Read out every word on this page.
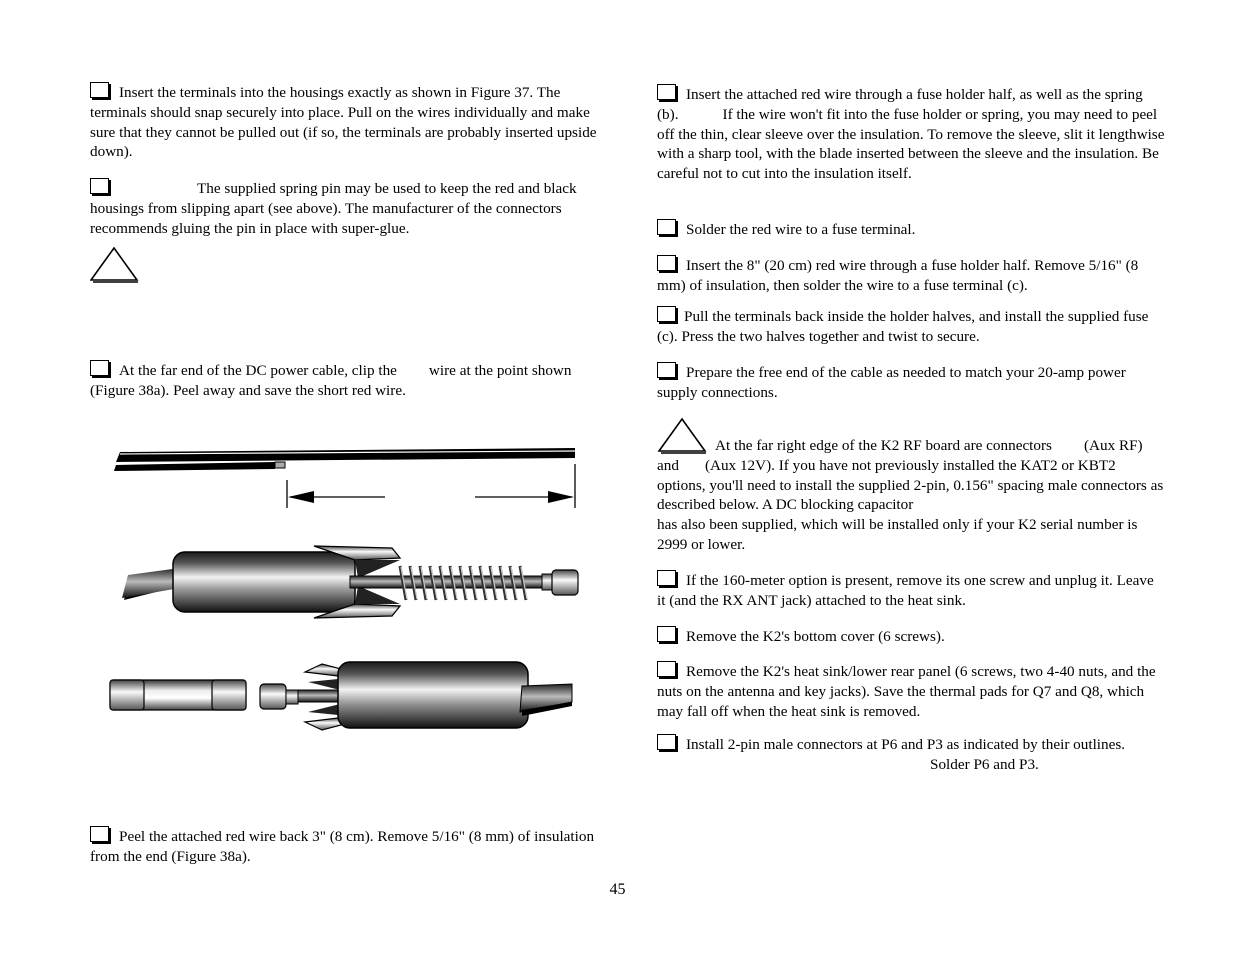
Insert the terminals into the housings exactly as shown in Figure 37. The terminals should snap securely into place. Pull on the wires individually and make sure that they cannot be pulled out (if so, the terminals are probably inserted upside down).

The supplied spring pin may be used to keep the red and black housings from slipping apart (see above). The manufacturer of the connectors recommends gluing the pin in place with super-glue.

At the far end of the DC power cable, clip the wire at the point shown (Figure 38a). Peel away and save the short red wire.

Peel the attached red wire back 3" (8 cm). Remove 5/16" (8 mm) of insulation from the end (Figure 38a).

Insert the attached red wire through a fuse holder half, as well as the spring (b).	If the wire won't fit into the fuse holder or spring, you may need to peel off the thin, clear sleeve over the insulation. To remove the sleeve, slit it lengthwise with a sharp tool, with the blade inserted between the sleeve and the insulation. Be careful not to cut into the insulation itself.

Solder the red wire to a fuse terminal.

Insert the 8" (20 cm) red wire through a fuse holder half. Remove 5/16" (8 mm) of insulation, then solder the wire to a fuse terminal (c).

Pull the terminals back inside the holder halves, and install the supplied fuse (c). Press the two halves together and twist to secure.

Prepare the free end of the cable as needed to match your 20-amp power supply connections.

At the far right edge of the K2 RF board are connectors (Aux RF) and (Aux 12V). If you have not previously installed the KAT2 or KBT2 options, you'll need to install the supplied 2-pin, 0.156" spacing male connectors as described below. A DC blocking capacitor
has also been supplied, which will be installed only if your K2 serial number is 2999 or lower.

If the 160-meter option is present, remove its one screw and unplug it. Leave it (and the RX ANT jack) attached to the heat sink.

Remove the K2's bottom cover (6 screws).

Remove the K2's heat sink/lower rear panel (6 screws, two 4-40 nuts, and the nuts on the antenna and key jacks). Save the thermal pads for Q7 and Q8, which may fall off when the heat sink is removed.

Install 2-pin male connectors at P6 and P3 as indicated by their outlines.
Solder P6 and P3.

45
